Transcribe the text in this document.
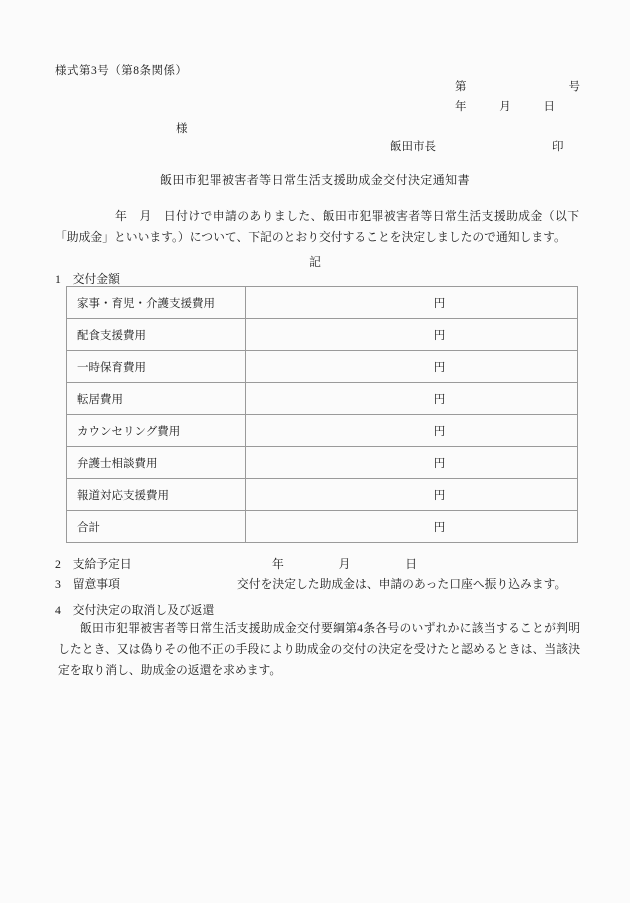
様式第3号（第8条関係）
第	号
年	月	日
様
飯田市長	印
飯田市犯罪被害者等日常生活支援助成金交付決定通知書
年　月　日付けで申請のありました、飯田市犯罪被害者等日常生活支援助成金（以下「助成金」といいます。）について、下記のとおり交付することを決定しましたので通知します。
記
1　交付金額
家事・育児・介護支援費用	円
配食支援費用	円
一時保育費用	円
転居費用	円
カウンセリング費用	円
弁護士相談費用	円
報道対応支援費用	円
合計	円
2　支給予定日	年	月	日
3　留意事項	交付を決定した助成金は、申請のあった口座へ振り込みます。
4　交付決定の取消し及び返還
飯田市犯罪被害者等日常生活支援助成金交付要綱第4条各号のいずれかに該当することが判明したとき、又は偽りその他不正の手段により助成金の交付の決定を受けたと認めるときは、当該決定を取り消し、助成金の返還を求めます。
